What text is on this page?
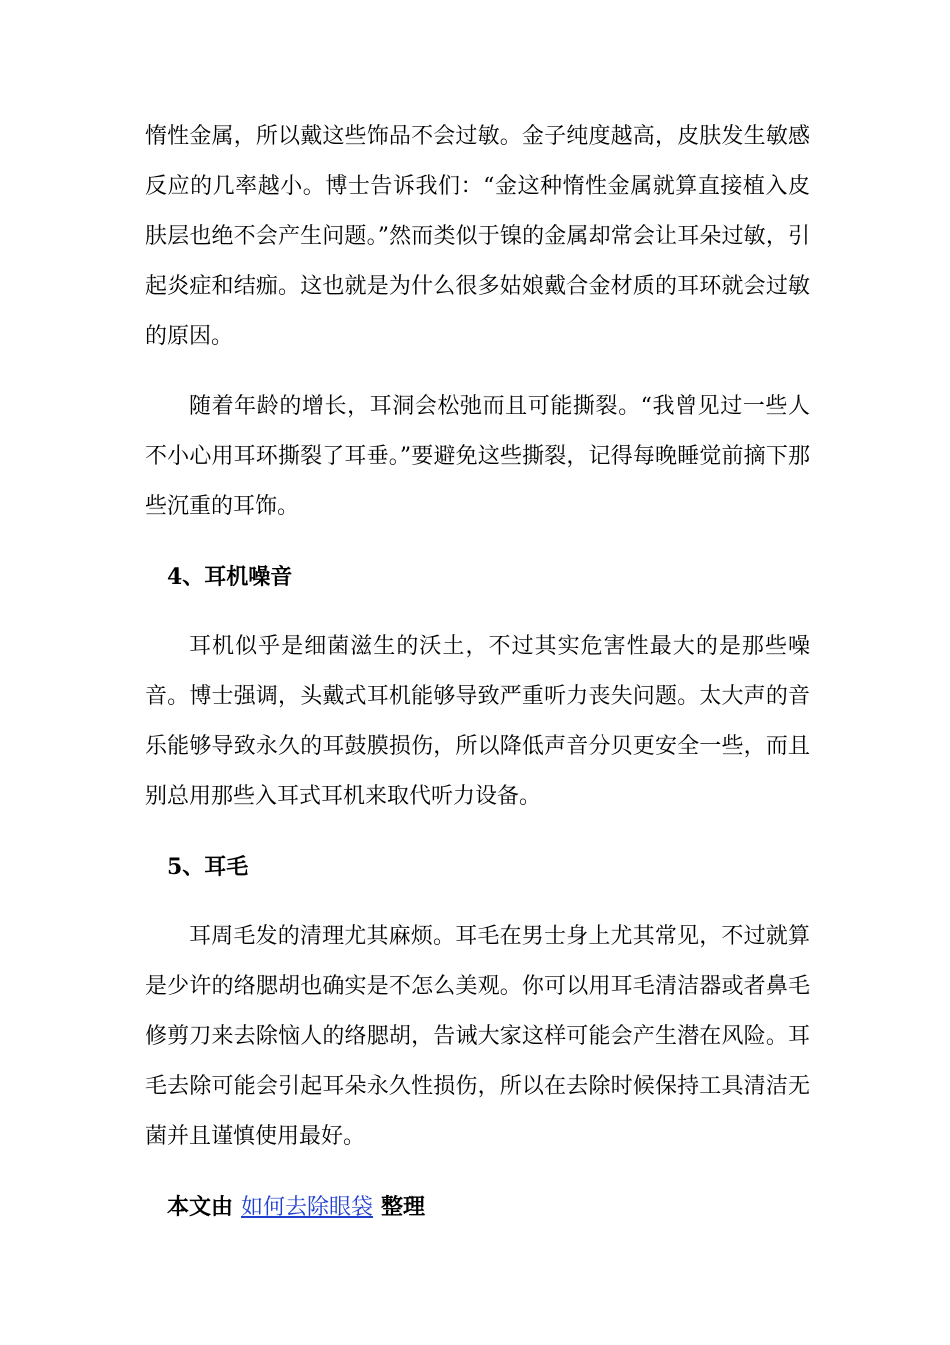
惰性金属，所以戴这些饰品不会过敏。金子纯度越高，皮肤发生敏感反应的几率越小。博士告诉我们：“金这种惰性金属就算直接植入皮肤层也绝不会产生问题。”然而类似于镍的金属却常会让耳朵过敏，引起炎症和结痂。这也就是为什么很多姑娘戴合金材质的耳环就会过敏的原因。

随着年龄的增长，耳洞会松弛而且可能撕裂。“我曾见过一些人不小心用耳环撕裂了耳垂。”要避免这些撕裂，记得每晚睡觉前摘下那些沉重的耳饰。

4、耳机噪音

耳机似乎是细菌滋生的沃土，不过其实危害性最大的是那些噪音。博士强调，头戴式耳机能够导致严重听力丧失问题。太大声的音乐能够导致永久的耳鼓膜损伤，所以降低声音分贝更安全一些，而且别总用那些入耳式耳机来取代听力设备。

5、耳毛

耳周毛发的清理尤其麻烦。耳毛在男士身上尤其常见，不过就算是少许的络腮胡也确实是不怎么美观。你可以用耳毛清洁器或者鼻毛修剪刀来去除恼人的络腮胡，告诫大家这样可能会产生潜在风险。耳毛去除可能会引起耳朵永久性损伤，所以在去除时候保持工具清洁无菌并且谨慎使用最好。

本文由 如何去除眼袋 整理
